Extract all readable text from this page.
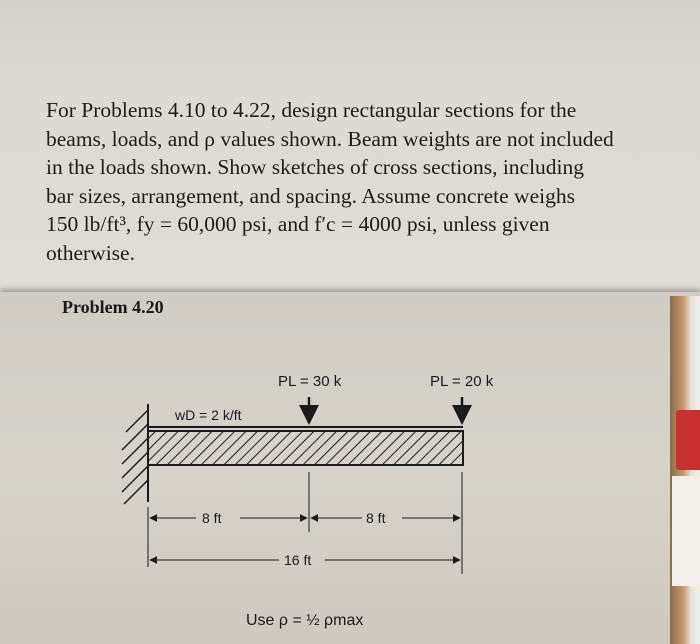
For Problems 4.10 to 4.22, design rectangular sections for the
beams, loads, and ρ values shown. Beam weights are not included
in the loads shown. Show sketches of cross sections, including
bar sizes, arrangement, and spacing. Assume concrete weighs
150 lb/ft³, fy = 60,000 psi, and f′c = 4000 psi, unless given
otherwise.
Problem 4.20
wD = 2 k/ft
PL = 30 k	PL = 20 k
8 ft	8 ft
16 ft
Use ρ = ½ ρmax
